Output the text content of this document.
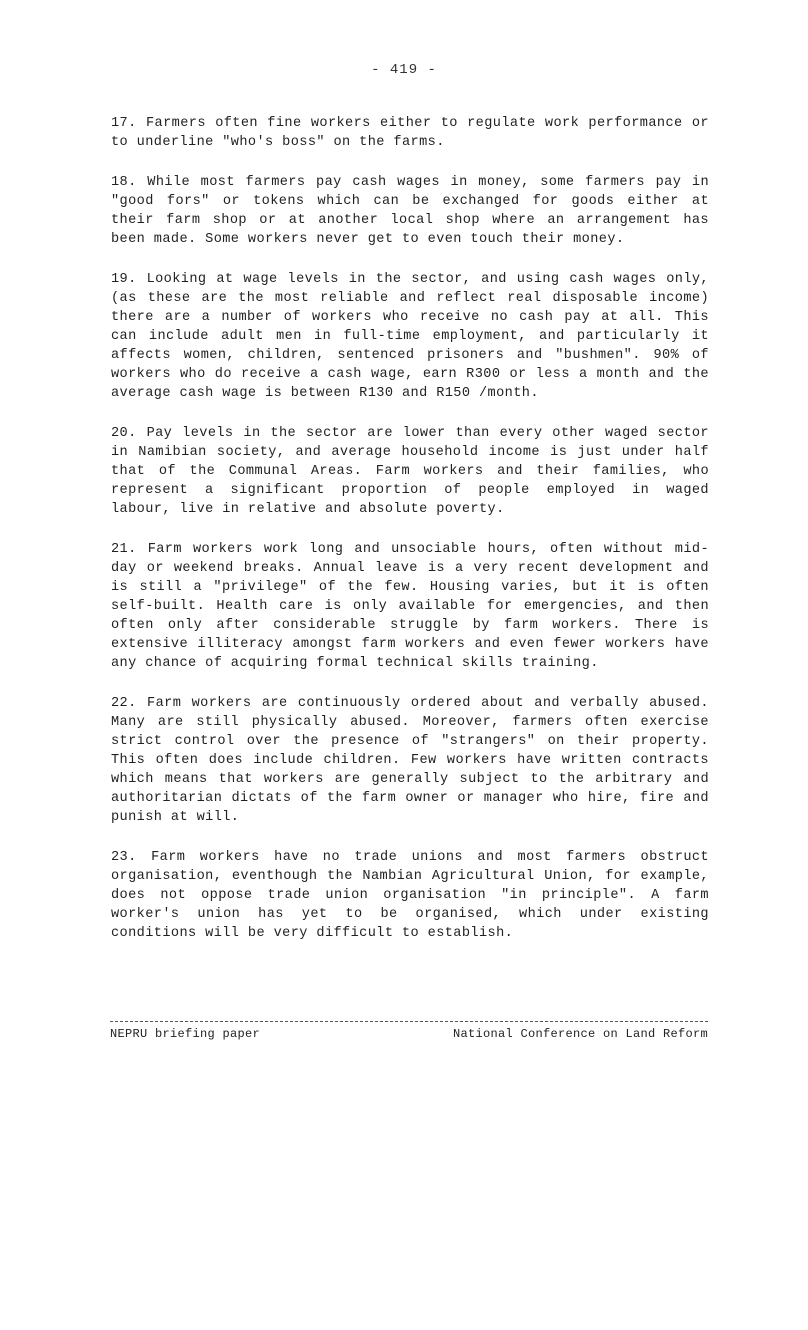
- 419 -

17. Farmers often fine workers either to regulate work performance or to underline "who's boss" on the farms.

18. While most farmers pay cash wages in money, some farmers pay in "good fors" or tokens which can be exchanged for goods either at their farm shop or at another local shop where an arrangement has been made. Some workers never get to even touch their money.

19. Looking at wage levels in the sector, and using cash wages only, (as these are the most reliable and reflect real disposable income) there are a number of workers who receive no cash pay at all. This can include adult men in full-time employment, and particularly it affects women, children, sentenced prisoners and "bushmen". 90% of workers who do receive a cash wage, earn R300 or less a month and the average cash wage is between R130 and R150 /month.

20. Pay levels in the sector are lower than every other waged sector in Namibian society, and average household income is just under half that of the Communal Areas. Farm workers and their families, who represent a significant proportion of people employed in waged labour, live in relative and absolute poverty.

21. Farm workers work long and unsociable hours, often without mid-day or weekend breaks. Annual leave is a very recent development and is still a "privilege" of the few. Housing varies, but it is often self-built. Health care is only available for emergencies, and then often only after considerable struggle by farm workers. There is extensive illiteracy amongst farm workers and even fewer workers have any chance of acquiring formal technical skills training.

22. Farm workers are continuously ordered about and verbally abused. Many are still physically abused. Moreover, farmers often exercise strict control over the presence of "strangers" on their property. This often does include children. Few workers have written contracts which means that workers are generally subject to the arbitrary and authoritarian dictats of the farm owner or manager who hire, fire and punish at will.

23. Farm workers have no trade unions and most farmers obstruct organisation, eventhough the Nambian Agricultural Union, for example, does not oppose trade union organisation "in principle". A farm worker's union has yet to be organised, which under existing conditions will be very difficult to establish.

NEPRU briefing paper	National Conference on Land Reform
